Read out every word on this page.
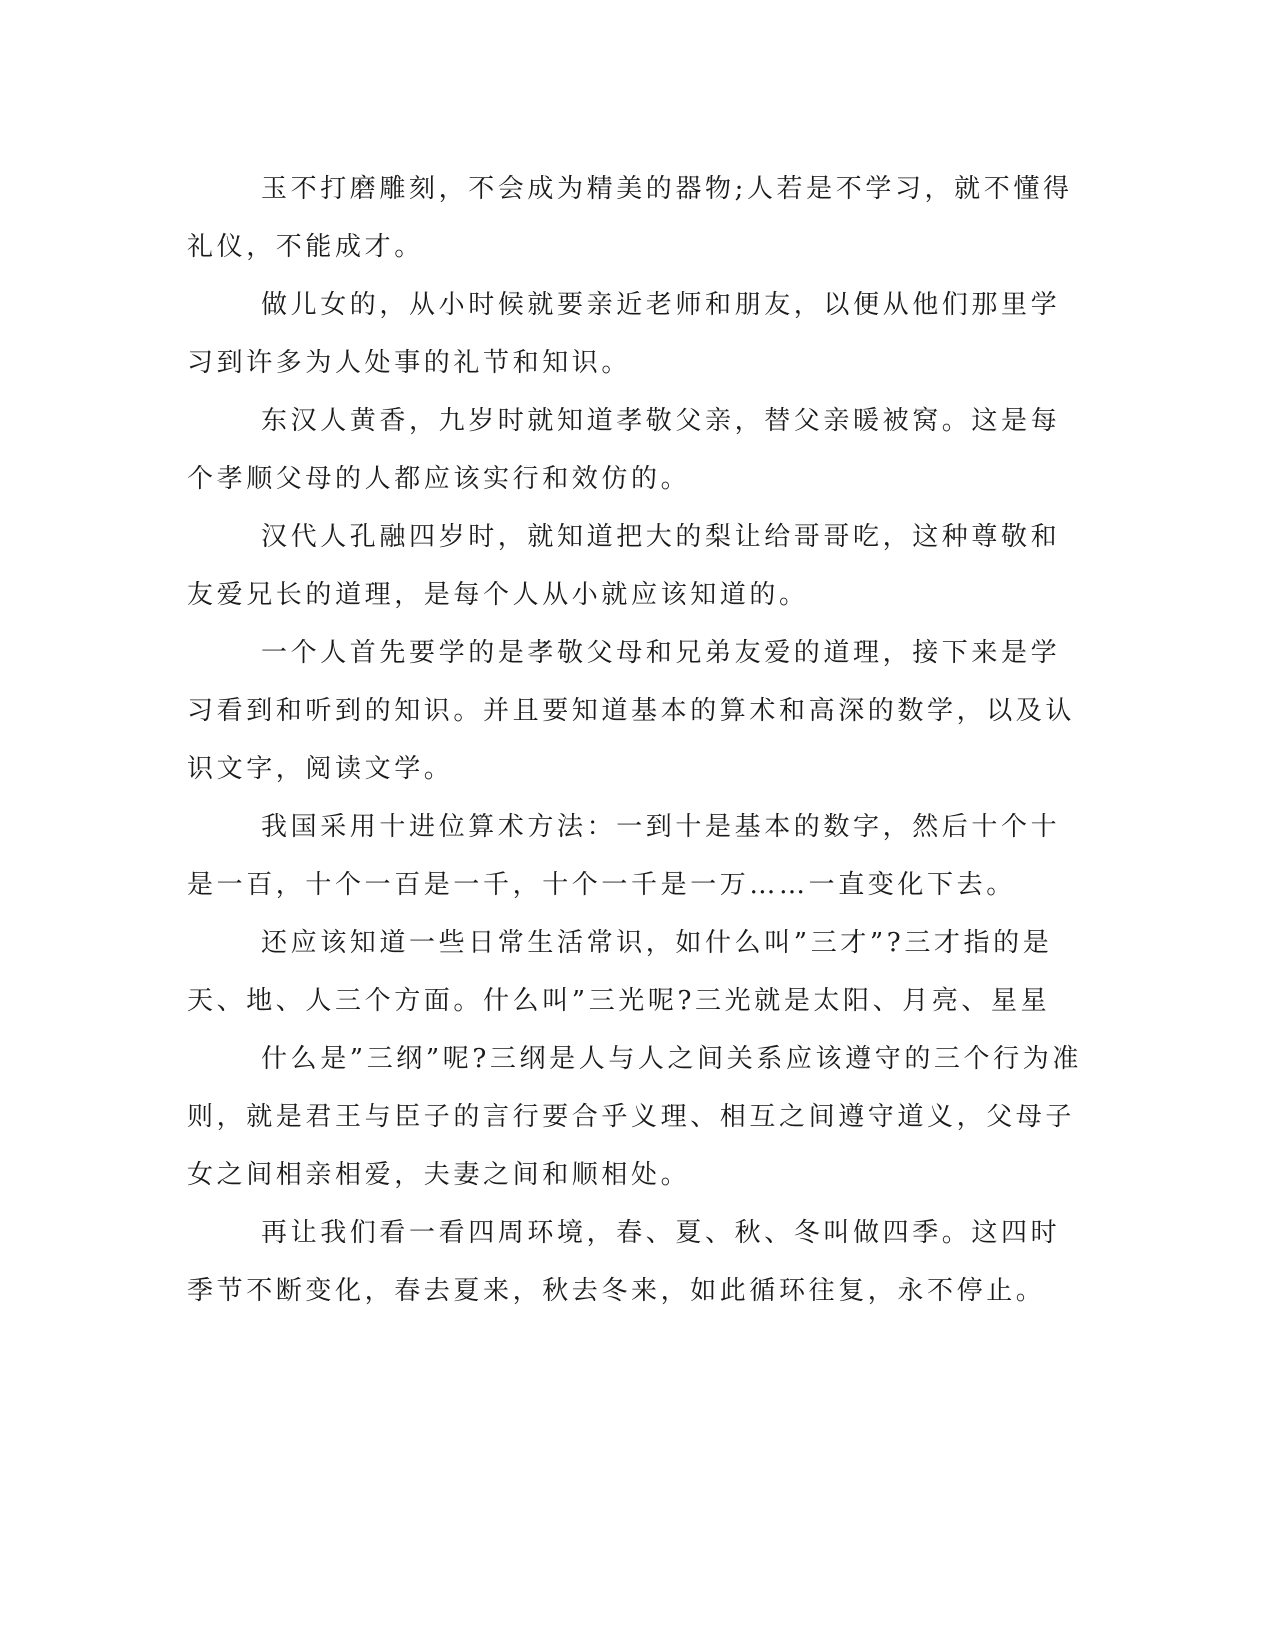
玉不打磨雕刻，不会成为精美的器物;人若是不学习，就不懂得礼仪，不能成才。

做儿女的，从小时候就要亲近老师和朋友，以便从他们那里学习到许多为人处事的礼节和知识。

东汉人黄香，九岁时就知道孝敬父亲，替父亲暖被窝。这是每个孝顺父母的人都应该实行和效仿的。

汉代人孔融四岁时，就知道把大的梨让给哥哥吃，这种尊敬和友爱兄长的道理，是每个人从小就应该知道的。

一个人首先要学的是孝敬父母和兄弟友爱的道理，接下来是学习看到和听到的知识。并且要知道基本的算术和高深的数学，以及认识文字，阅读文学。

我国采用十进位算术方法：一到十是基本的数字，然后十个十是一百，十个一百是一千，十个一千是一万……一直变化下去。

还应该知道一些日常生活常识，如什么叫”三才”?三才指的是天、地、人三个方面。什么叫”三光呢?三光就是太阳、月亮、星星

什么是”三纲”呢?三纲是人与人之间关系应该遵守的三个行为准则，就是君王与臣子的言行要合乎义理、相互之间遵守道义，父母子女之间相亲相爱，夫妻之间和顺相处。

再让我们看一看四周环境，春、夏、秋、冬叫做四季。这四时季节不断变化，春去夏来，秋去冬来，如此循环往复，永不停止。
